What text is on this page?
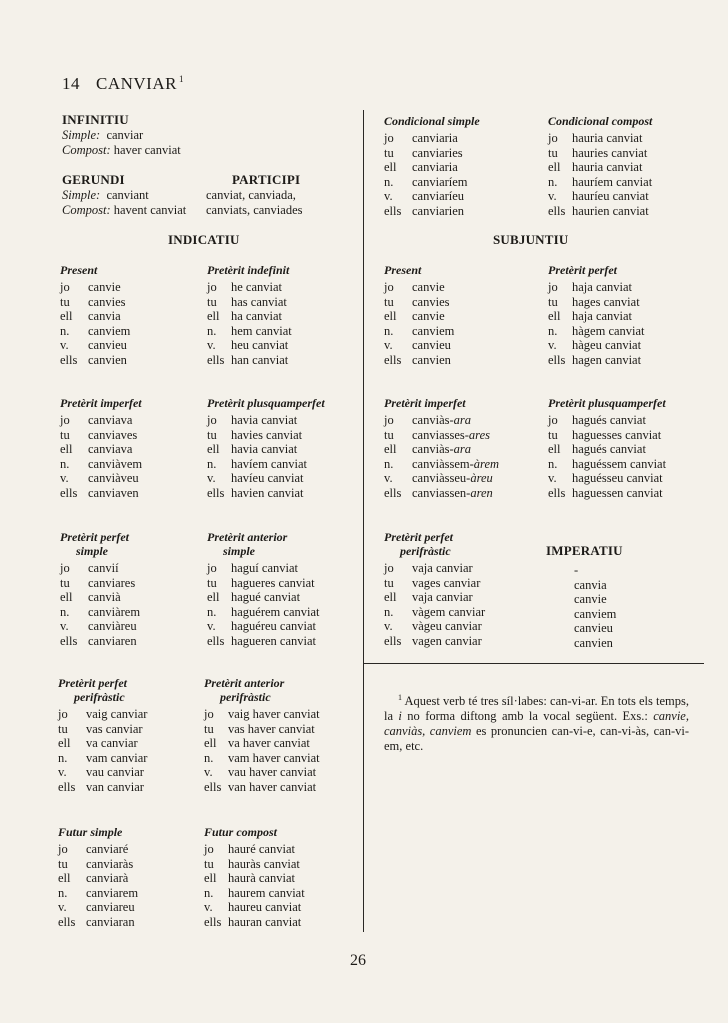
14 CANVIAR $^1$
INFINITIU
Simple: canviar
Compost: haver canviat
GERUNDI
Simple: canviant
Compost: havent canviat
PARTICIPI
canviat, canviada,
canviats, canviades
INDICATIU
Present
jo	canvie
tu	canvies
ell	canvia
n.	canviem
v.	canvieu
ells canvien
Pretèrit indefinit
jo	he canviat
tu	has canviat
ell ha canviat
n.	hem canviat
v.	heu canviat
ells han canviat
Pretèrit imperfet
jo	canviava
tu	canviaves
ell	canviava
n.	canviàvem
v.	canviàveu
ells canviaven
Pretèrit plusquamperfet
jo	havia canviat
tu	havies canviat
ell havia canviat
n.	havíem canviat
v.	havíeu canviat
ells havien canviat
Pretèrit perfet
simple
jo	canvií
tu	canviares
ell	canvià
n.	canviàrem
v.	canviàreu
ells canviaren
Pretèrit anterior
simple
jo	haguí canviat
tu	hagueres canviat
ell hagué canviat
n.	haguérem canviat
v.	haguéreu canviat
ells hagueren canviat
Pretèrit perfet
perifràstic
jo	vaig canviar
tu	vas canviar
ell	va canviar
n.	vam canviar
v.	vau canviar
ells van canviar
Pretèrit anterior
perifràstic
jo	vaig haver canviat
tu	vas haver canviat
ell va haver canviat
n.	vam haver canviat
v.	vau haver canviat
ells van haver canviat
Futur simple
jo	canviaré
tu	canviaràs
ell	canviarà
n.	canviarem
v.	canviareu
ells canviaran
Futur compost
jo	hauré canviat
tu	hauràs canviat
ell haurà canviat
n.	haurem canviat
v.	haureu canviat
ells hauran canviat
Condicional simple
jo	canviaria
tu	canviaries
ell	canviaria
n.	canviaríem
v.	canviaríeu
ells canviarien
Condicional compost
jo	hauria canviat
tu	hauries canviat
ell hauria canviat
n.	hauríem canviat
v.	hauríeu canviat
ells haurien canviat
SUBJUNTIU
Present
jo	canvie
tu	canvies
ell	canvie
n.	canviem
v.	canvieu
ells canvien
Pretèrit perfet
jo	haja canviat
tu	hages canviat
ell haja canviat
n.	hàgem canviat
v.	hàgeu canviat
ells hagen canviat
Pretèrit imperfet
jo	canviàs-ara
tu	canviasses-ares
ell	canviàs-ara
n.	canviàssem-àrem
v.	canviàsseu-àreu
ells canviassen-aren
Pretèrit plusquamperfet
jo	hagués canviat
tu	haguesses canviat
ell hagués canviat
n.	haguéssem canviat
v.	haguésseu canviat
ells haguessen canviat
Pretèrit perfet
perifràstic
jo	vaja canviar
tu	vages canviar
ell	vaja canviar
n.	vàgem canviar
v.	vàgeu canviar
ells vagen canviar
IMPERATIU
-
canvia
canvie
canviem
canvieu
canvien
$^1$ Aquest verb té tres síl·labes: can-vi-ar. En tots els temps, la i no forma diftong amb la vocal següent. Exs.: canvie, canviàs, canviem es pronuncien can-vi-e, can-vi-às, can-vi-em, etc.
26
